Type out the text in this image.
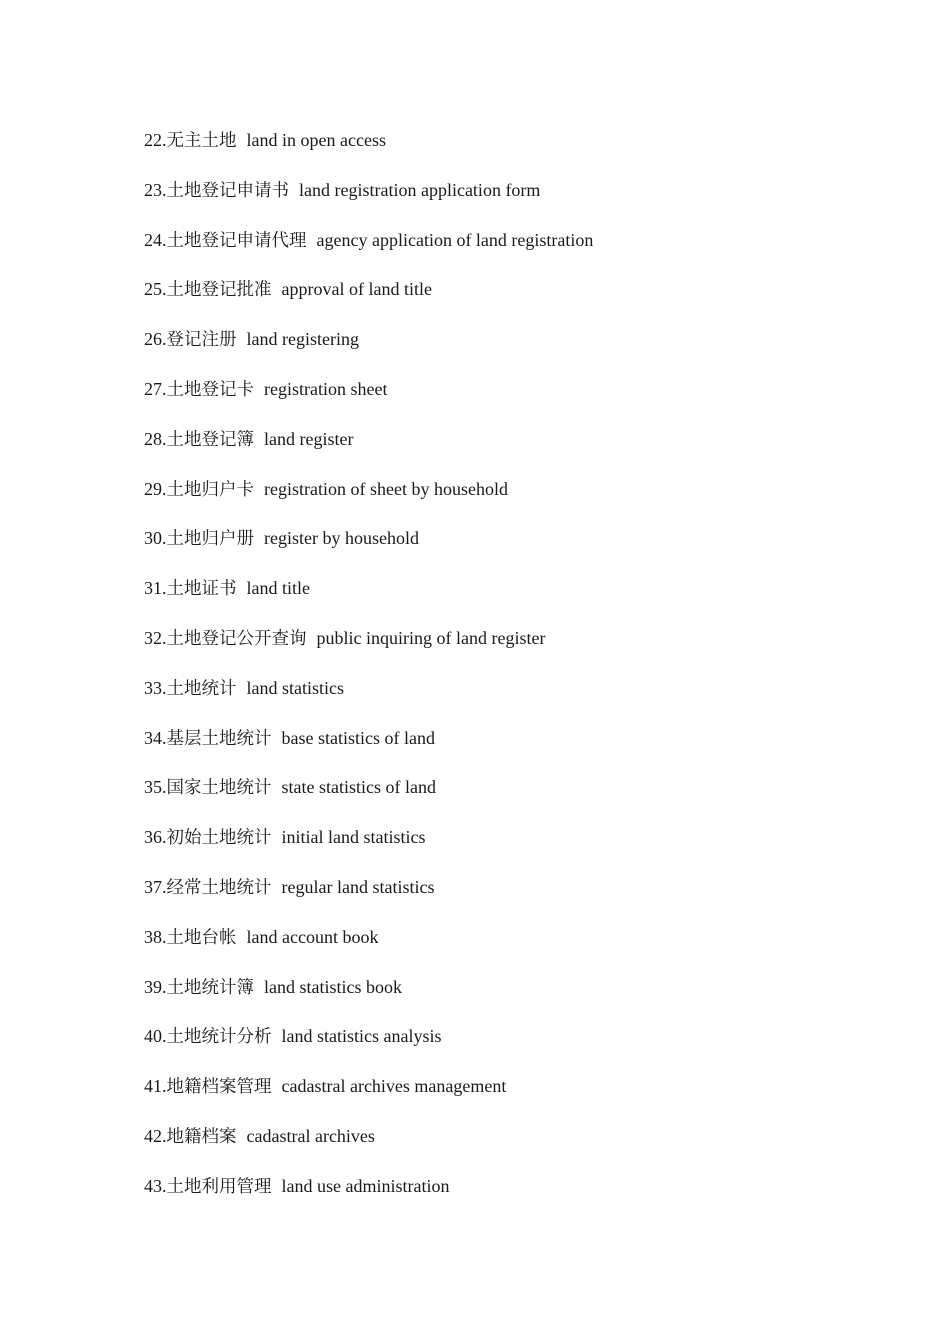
22.无主土地 land in open access
23.土地登记申请书 land registration application form
24.土地登记申请代理 agency application of land registration
25.土地登记批准 approval of land title
26.登记注册 land registering
27.土地登记卡 registration sheet
28.土地登记簿 land register
29.土地归户卡 registration of sheet by household
30.土地归户册 register by household
31.土地证书 land title
32.土地登记公开查询 public inquiring of land register
33.土地统计 land statistics
34.基层土地统计 base statistics of land
35.国家土地统计 state statistics of land
36.初始土地统计 initial land statistics
37.经常土地统计 regular land statistics
38.土地台帐 land account book
39.土地统计簿 land statistics book
40.土地统计分析 land statistics analysis
41.地籍档案管理 cadastral archives management
42.地籍档案 cadastral archives
43.土地利用管理 land use administration
